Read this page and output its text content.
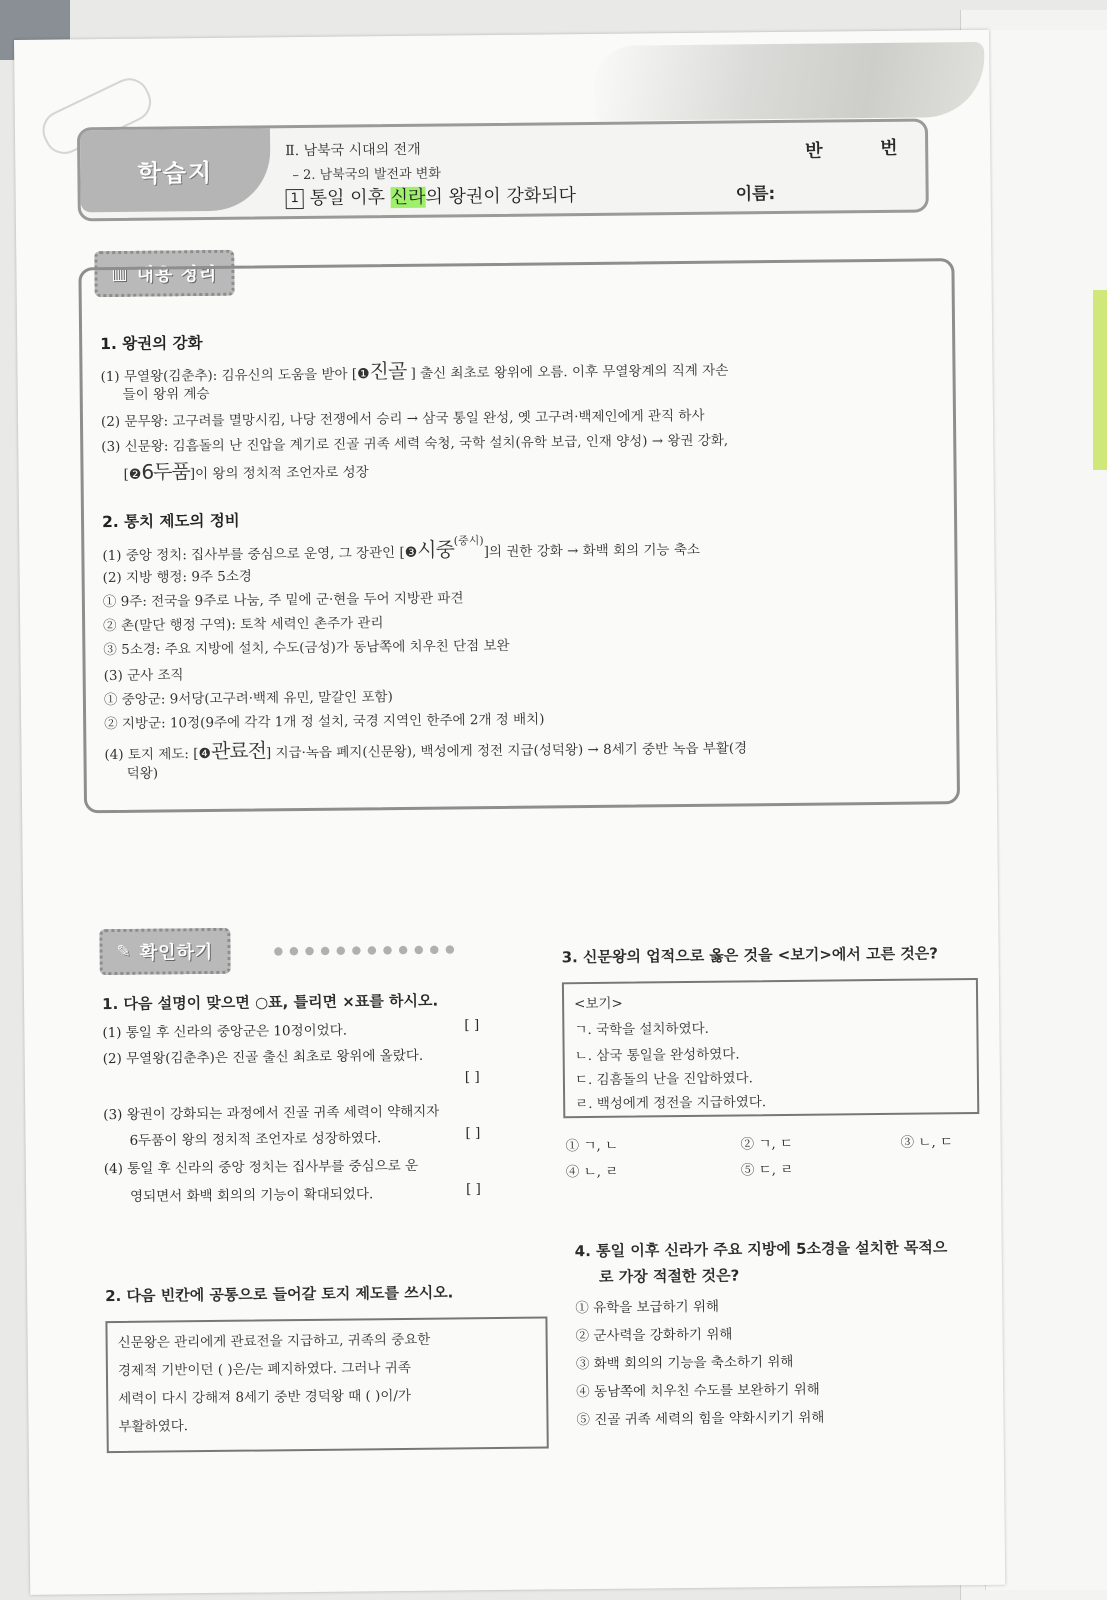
학습지
Ⅱ. 남북국 시대의 전개
– 2. 남북국의 발전과 변화
1 통일 이후 신라의 왕권이 강화되다
반	번
이름:
▥ 내용 정리
1. 왕권의 강화
(1) 무열왕(김춘추): 김유신의 도움을 받아 [❶진골 ] 출신 최초로 왕위에 오름. 이후 무열왕계의 직계 자손
들이 왕위 계승
(2) 문무왕: 고구려를 멸망시킴, 나당 전쟁에서 승리 → 삼국 통일 완성, 옛 고구려·백제인에게 관직 하사
(3) 신문왕: 김흠돌의 난 진압을 계기로 진골 귀족 세력 숙청, 국학 설치(유학 보급, 인재 양성) → 왕권 강화,
[❷6두품]이 왕의 정치적 조언자로 성장
2. 통치 제도의 정비
(1) 중앙 정치: 집사부를 중심으로 운영, 그 장관인 [❸시중$^{(중시)}$]의 권한 강화 → 화백 회의 기능 축소
(2) 지방 행정: 9주 5소경
① 9주: 전국을 9주로 나눔, 주 밑에 군·현을 두어 지방관 파견
② 촌(말단 행정 구역): 토착 세력인 촌주가 관리
③ 5소경: 주요 지방에 설치, 수도(금성)가 동남쪽에 치우친 단점 보완
(3) 군사 조직
① 중앙군: 9서당(고구려·백제 유민, 말갈인 포함)
② 지방군: 10정(9주에 각각 1개 정 설치, 국경 지역인 한주에 2개 정 배치)
(4) 토지 제도: [❹관료전] 지급·녹읍 폐지(신문왕), 백성에게 정전 지급(성덕왕) → 8세기 중반 녹읍 부활(경
덕왕)
✎ 확인하기	●●●●●●●●●●●●
1. 다음 설명이 맞으면 ○표, 틀리면 ×표를 하시오.
(1) 통일 후 신라의 중앙군은 10정이었다.	[ ]
(2) 무열왕(김춘추)은 진골 출신 최초로 왕위에 올랐다.
[ ]
(3) 왕권이 강화되는 과정에서 진골 귀족 세력이 약해지자
6두품이 왕의 정치적 조언자로 성장하였다.	[ ]
(4) 통일 후 신라의 중앙 정치는 집사부를 중심으로 운
영되면서 화백 회의의 기능이 확대되었다.	[ ]
2. 다음 빈칸에 공통으로 들어갈 토지 제도를 쓰시오.
신문왕은 관리에게 관료전을 지급하고, 귀족의 중요한
경제적 기반이던 ( )은/는 폐지하였다. 그러나 귀족
세력이 다시 강해져 8세기 중반 경덕왕 때 ( )이/가
부활하였다.
3. 신문왕의 업적으로 옳은 것을 <보기>에서 고른 것은?
<보기>
ㄱ. 국학을 설치하였다.
ㄴ. 삼국 통일을 완성하였다.
ㄷ. 김흠돌의 난을 진압하였다.
ㄹ. 백성에게 정전을 지급하였다.
① ㄱ, ㄴ	② ㄱ, ㄷ	③ ㄴ, ㄷ
④ ㄴ, ㄹ	⑤ ㄷ, ㄹ
4. 통일 이후 신라가 주요 지방에 5소경을 설치한 목적으
로 가장 적절한 것은?
① 유학을 보급하기 위해
② 군사력을 강화하기 위해
③ 화백 회의의 기능을 축소하기 위해
④ 동남쪽에 치우친 수도를 보완하기 위해
⑤ 진골 귀족 세력의 힘을 약화시키기 위해
